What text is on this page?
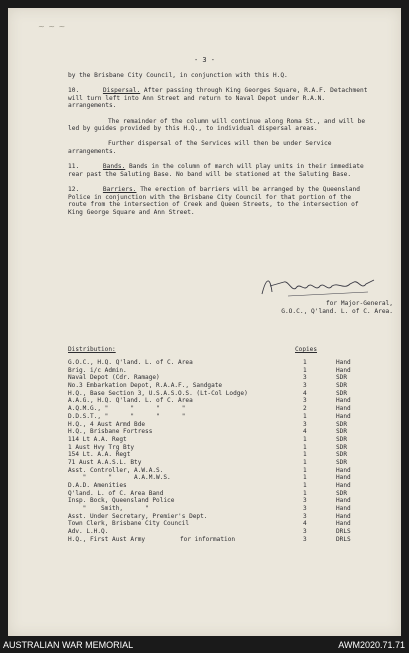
~ ~ ~
- 3 -

by the Brisbane City Council, in conjunction with this H.Q.

10.	Dispersal. After passing through King Georges Square, R.A.F. Detachment will turn left into Ann Street and return to Naval Depot under R.A.N. arrangements.

The remainder of the column will continue along Roma St., and will be led by guides provided by this H.Q., to individual dispersal areas.

Further dispersal of the Services will then be under Service arrangements.

11.	Bands. Bands in the column of march will play units in their immediate rear past the Saluting Base. No band will be stationed at the Saluting Base.

12.	Barriers. The erection of barriers will be arranged by the Queensland Police in conjunction with the Brisbane City Council for that portion of the route from the intersection of Creek and Queen Streets, to the intersection of King George Square and Ann Street.

for Major-General,
G.O.C., Q'land. L. of C. Area.
Distribution:	Copies
G.O.C., H.Q. Q'land. L. of C. Area	1	Hand
Brig. i/c Admin.	1	Hand
Naval Depot (Cdr. Ramage)	3	SDR
No.3 Embarkation Depot, R.A.A.F., Sandgate	3	SDR
H.Q., Base Section 3, U.S.A.S.O.S. (Lt-Col Lodge)	4	SDR
A.A.G., H.Q. Q'land. L. of C. Area	3	Hand
A.Q.M.G., "      "      "      "	2	Hand
D.D.S.T., "      "      "      "	1	Hand
H.Q., 4 Aust Armd Bde	3	SDR
H.Q., Brisbane Fortress	4	SDR
114 Lt A.A. Regt	1	SDR
1 Aust Hvy Trg Bty	1	SDR
154 Lt. A.A. Regt	1	SDR
71 Aust A.A.S.L. Bty	1	SDR
Asst. Controller, A.W.A.S.	1	Hand
"      "      A.A.M.W.S.	1	Hand
D.A.D. Amenities	1	Hand
Q'land. L. of C. Area Band	1	SDR
Insp. Bock, Queensland Police	3	Hand
"    Smith,      "	3	Hand
Asst. Under Secretary, Premier's Dept.	3	Hand
Town Clerk, Brisbane City Council	4	Hand
Adv. L.H.Q.	3	DRLS
H.Q., First Aust Army	3	DRLS
for information
AUSTRALIAN WAR MEMORIAL	AWM2020.71.71
